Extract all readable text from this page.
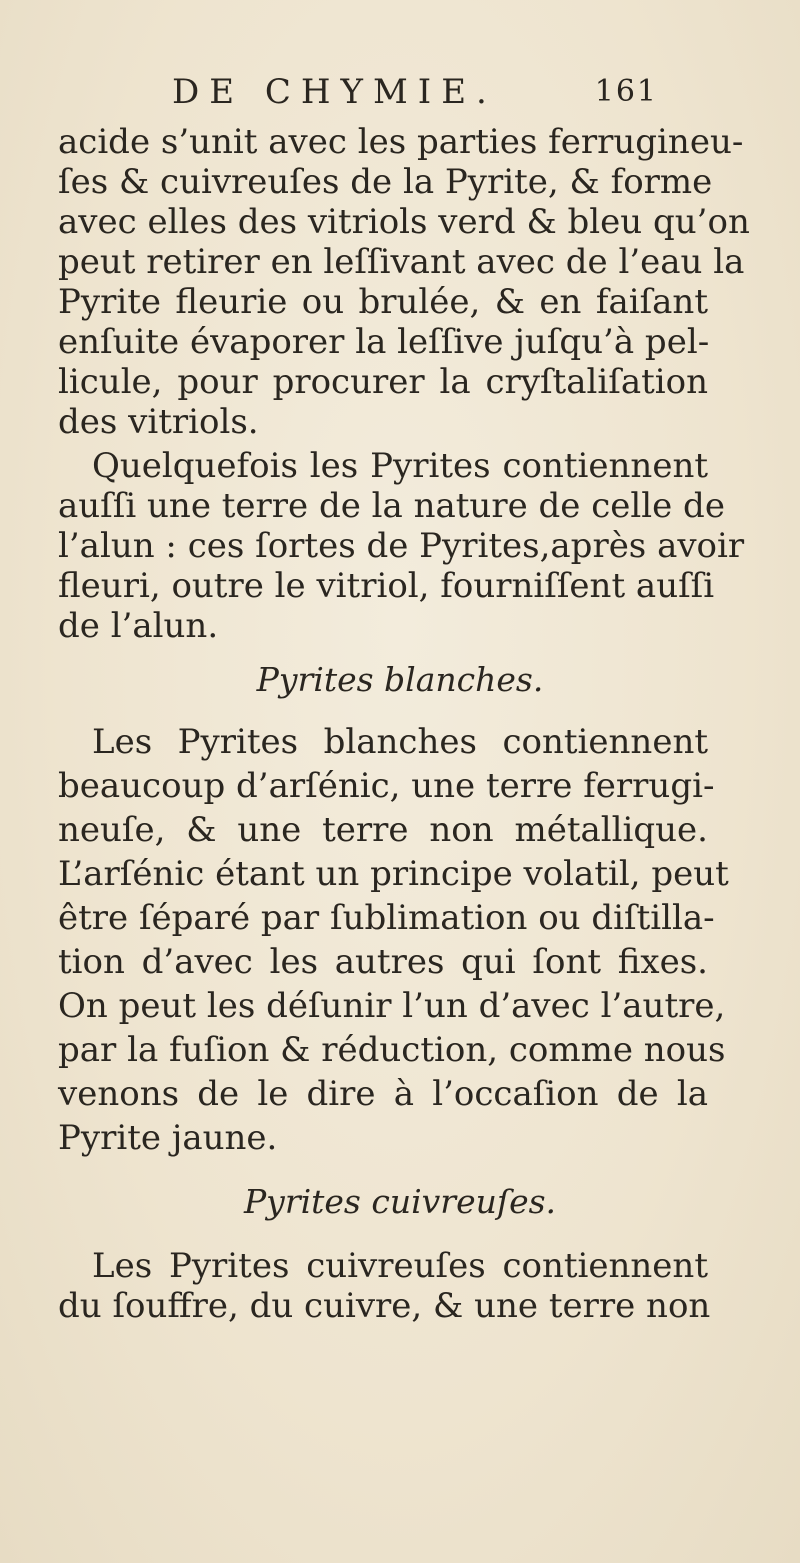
DE CHYMIE.	161
acide s’unit avec les parties ferrugineu-
ſes & cuivreuſes de la Pyrite, & forme
avec elles des vitriols verd & bleu qu’on
peut retirer en leſſivant avec de l’eau la
Pyrite fleurie ou brulée, & en faiſant
enſuite évaporer la leſſive juſqu’à pel-
licule, pour procurer la cryſtaliſation
des vitriols.
Quelquefois les Pyrites contiennent
auſſi une terre de la nature de celle de
l’alun : ces ſortes de Pyrites,après avoir
fleuri, outre le vitriol, fourniſſent auſſi
de l’alun.
Pyrites blanches.
Les Pyrites blanches contiennent
beaucoup d’arſénic, une terre ferrugi-
neuſe, & une terre non métallique.
L’arſénic étant un principe volatil, peut
être ſéparé par ſublimation ou diſtilla-
tion d’avec les autres qui ſont fixes.
On peut les déſunir l’un d’avec l’autre,
par la fuſion & réduction, comme nous
venons de le dire à l’occaſion de la
Pyrite jaune.
Pyrites cuivreuſes.
Les Pyrites cuivreuſes contiennent
du ſouffre, du cuivre, & une terre non
